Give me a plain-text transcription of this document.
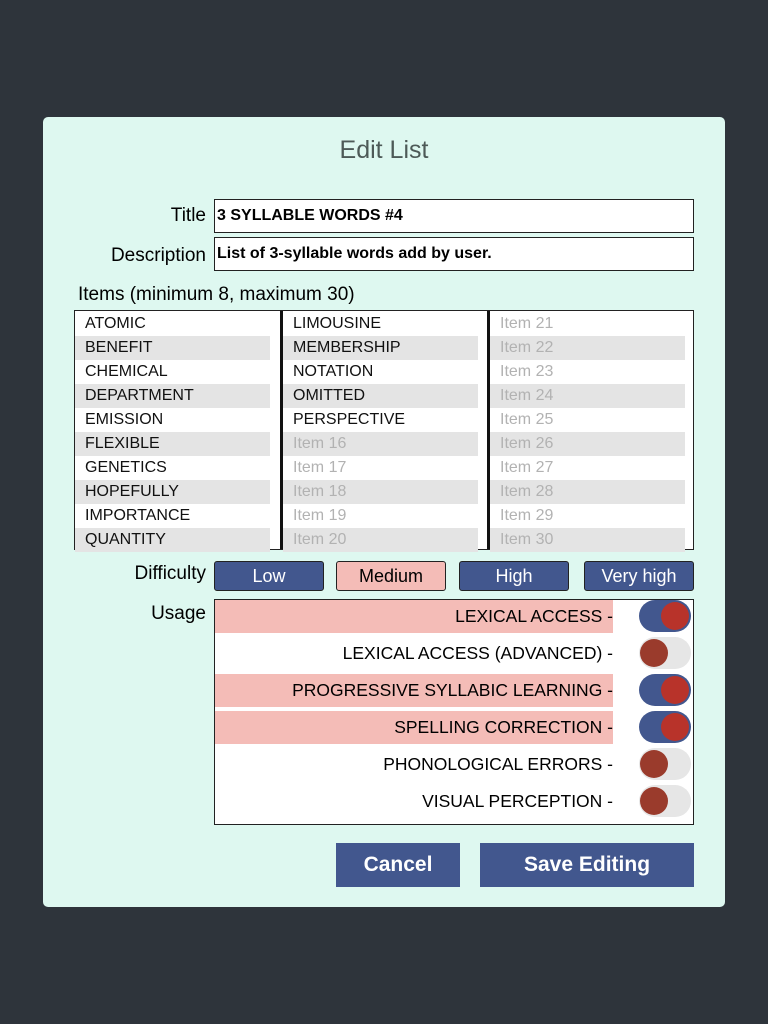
Edit List
Title 3 SYLLABLE WORDS #4
Description List of 3-syllable words add by user.
Items (minimum 8, maximum 30)
ATOMIC
BENEFIT
CHEMICAL
DEPARTMENT
EMISSION
FLEXIBLE
GENETICS
HOPEFULLY
IMPORTANCE
QUANTITY
LIMOUSINE
MEMBERSHIP
NOTATION
OMITTED
PERSPECTIVE
Item 16
Item 17
Item 18
Item 19
Item 20
Item 21
Item 22
Item 23
Item 24
Item 25
Item 26
Item 27
Item 28
Item 29
Item 30
Difficulty	Low	Medium	High	Very high
Usage	LEXICAL ACCESS -
LEXICAL ACCESS (ADVANCED) -
PROGRESSIVE SYLLABIC LEARNING -
SPELLING CORRECTION -
PHONOLOGICAL ERRORS -
VISUAL PERCEPTION -
Cancel	Save Editing
